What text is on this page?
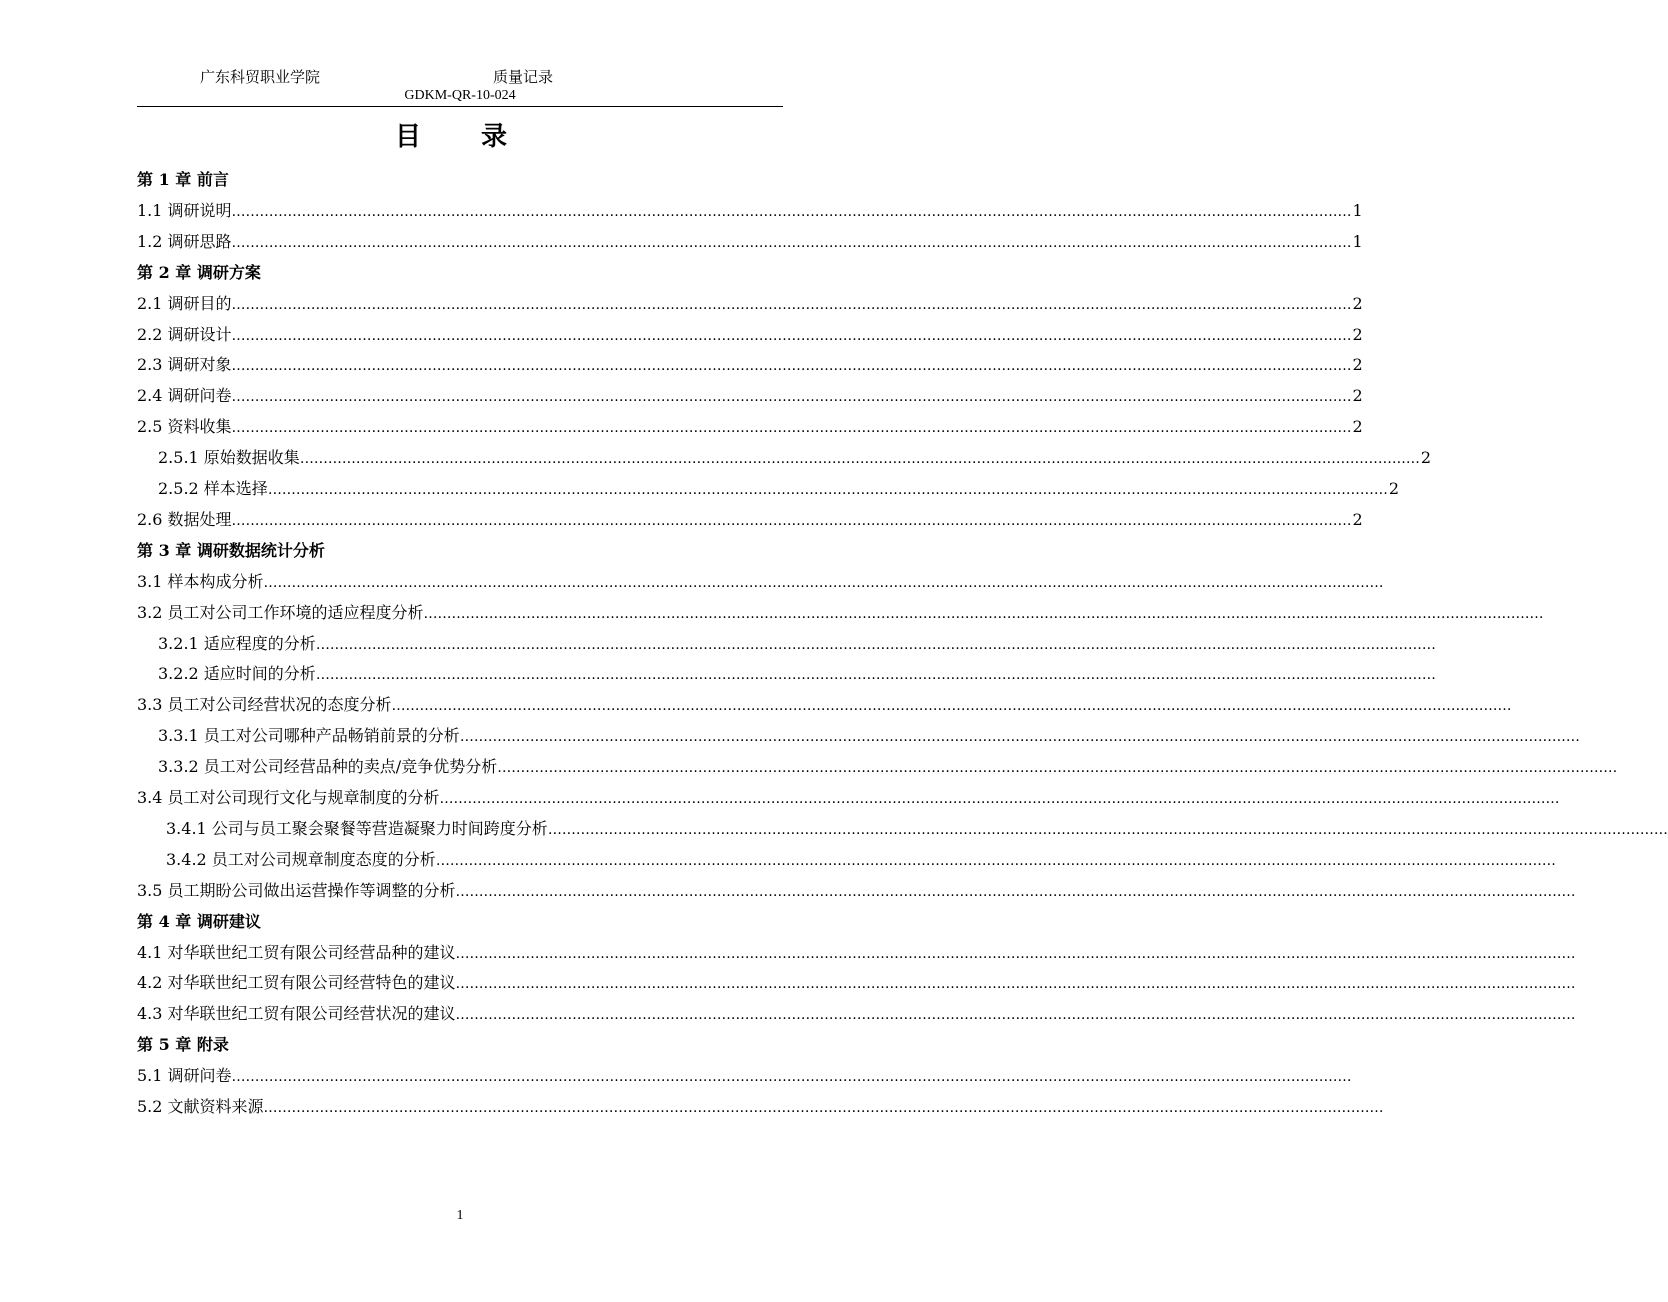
广东科贸职业学院	质量记录
GDKM-QR-10-024
目录
第 1 章 前言
1.1 调研说明 …………………………………………………………………………………………………………………………………………………………………………………………………………………… 1
1.2 调研思路 …………………………………………………………………………………………………………………………………………………………………………………………………………………… 1
第 2 章 调研方案
2.1 调研目的 …………………………………………………………………………………………………………………………………………………………………………………………………………………… 2
2.2 调研设计 …………………………………………………………………………………………………………………………………………………………………………………………………………………… 2
2.3 调研对象 …………………………………………………………………………………………………………………………………………………………………………………………………………………… 2
2.4 调研问卷 …………………………………………………………………………………………………………………………………………………………………………………………………………………… 2
2.5 资料收集 …………………………………………………………………………………………………………………………………………………………………………………………………………………… 2
2.5.1 原始数据收集 …………………………………………………………………………………………………………………………………………………………………………………………………………………… 2
2.5.2 样本选择 …………………………………………………………………………………………………………………………………………………………………………………………………………………… 2
2.6 数据处理 …………………………………………………………………………………………………………………………………………………………………………………………………………………… 2
第 3 章 调研数据统计分析
3.1 样本构成分析 ……………………………………………………………………………………………………………………………………………………………………………………………………………………
3.2 员工对公司工作环境的适应程度分析 ……………………………………………………………………………………………………………………………………………………………………………………………………………………
3.2.1 适应程度的分析 ……………………………………………………………………………………………………………………………………………………………………………………………………………………
3.2.2 适应时间的分析 ……………………………………………………………………………………………………………………………………………………………………………………………………………………
3.3 员工对公司经营状况的态度分析 ……………………………………………………………………………………………………………………………………………………………………………………………………………………
3.3.1 员工对公司哪种产品畅销前景的分析 ……………………………………………………………………………………………………………………………………………………………………………………………………………………
3.3.2 员工对公司经营品种的卖点/竞争优势分析 ……………………………………………………………………………………………………………………………………………………………………………………………………………………
3.4 员工对公司现行文化与规章制度的分析 ……………………………………………………………………………………………………………………………………………………………………………………………………………………
3.4.1 公司与员工聚会聚餐等营造凝聚力时间跨度分析 ……………………………………………………………………………………………………………………………………………………………………………………………………………………
3.4.2 员工对公司规章制度态度的分析 ……………………………………………………………………………………………………………………………………………………………………………………………………………………
3.5 员工期盼公司做出运营操作等调整的分析 ……………………………………………………………………………………………………………………………………………………………………………………………………………………
第 4 章 调研建议
4.1 对华联世纪工贸有限公司经营品种的建议 ……………………………………………………………………………………………………………………………………………………………………………………………………………………
4.2 对华联世纪工贸有限公司经营特色的建议 ……………………………………………………………………………………………………………………………………………………………………………………………………………………
4.3 对华联世纪工贸有限公司经营状况的建议 ……………………………………………………………………………………………………………………………………………………………………………………………………………………
第 5 章 附录
5.1 调研问卷 ……………………………………………………………………………………………………………………………………………………………………………………………………………………
5.2 文献资料来源 ……………………………………………………………………………………………………………………………………………………………………………………………………………………
1
